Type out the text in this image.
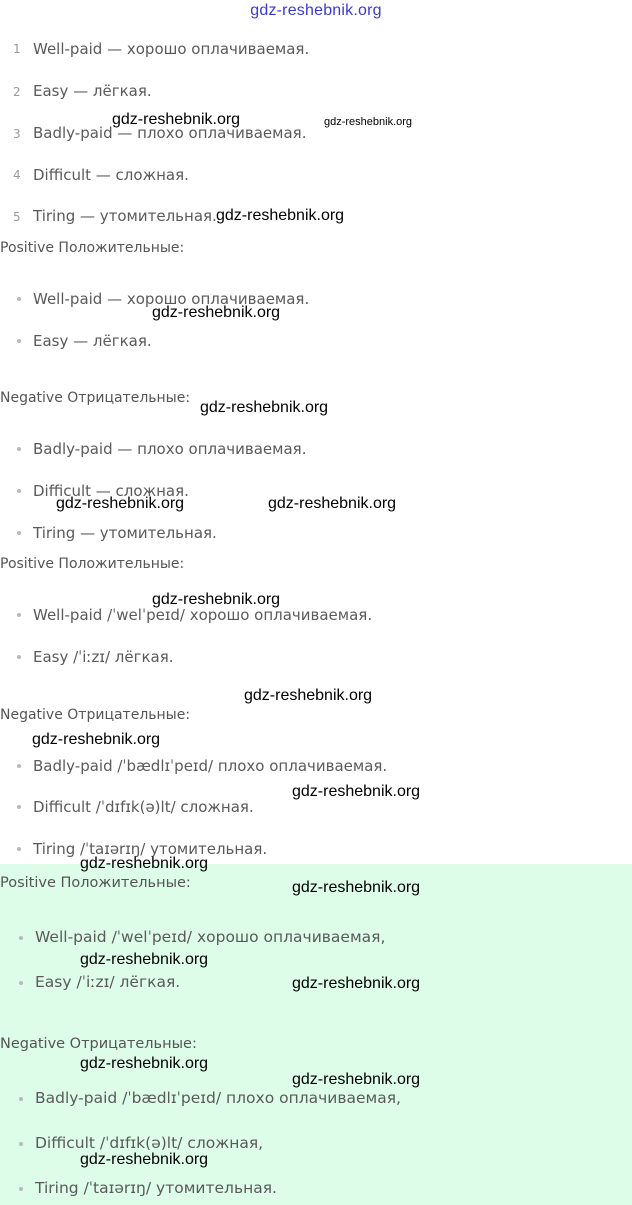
gdz-reshebnik.org
1 Well-paid — хорошо оплачиваемая.
2 Easy — лёгкая.
3 Badly-paid — плохо оплачиваемая.
4 Difficult — сложная.
5 Tiring — утомительная.
Positive Положительные:
Well-paid — хорошо оплачиваемая.
Easy — лёгкая.
Negative Отрицательные:
Badly-paid — плохо оплачиваемая.
Difficult — сложная.
Tiring — утомительная.
Positive Положительные:
Well-paid /ˈwelˈpeɪd/ хорошо оплачиваемая.
Easy /ˈiːzɪ/ лёгкая.
Negative Отрицательные:
Badly-paid /ˈbædlɪˈpeɪd/ плохо оплачиваемая.
Difficult /ˈdɪfɪk(ə)lt/ сложная.
Tiring /ˈtaɪərɪŋ/ утомительная.
Positive Положительные:
Well-paid /ˈwelˈpeɪd/ хорошо оплачиваемая,
Easy /ˈiːzɪ/ лёгкая.
Negative Отрицательные:
Badly-paid /ˈbædlɪˈpeɪd/ плохо оплачиваемая,
Difficult /ˈdɪfɪk(ə)lt/ сложная,
Tiring /ˈtaɪərɪŋ/ утомительная.
gdz-reshebnik.org	gdz-reshebnik.org
gdz-reshebnik.org
gdz-reshebnik.org
gdz-reshebnik.org
gdz-reshebnik.org	gdz-reshebnik.org
gdz-reshebnik.org
gdz-reshebnik.org
gdz-reshebnik.org
gdz-reshebnik.org
gdz-reshebnik.org
gdz-reshebnik.org
gdz-reshebnik.org
gdz-reshebnik.org
gdz-reshebnik.org
gdz-reshebnik.org
gdz-reshebnik.org
